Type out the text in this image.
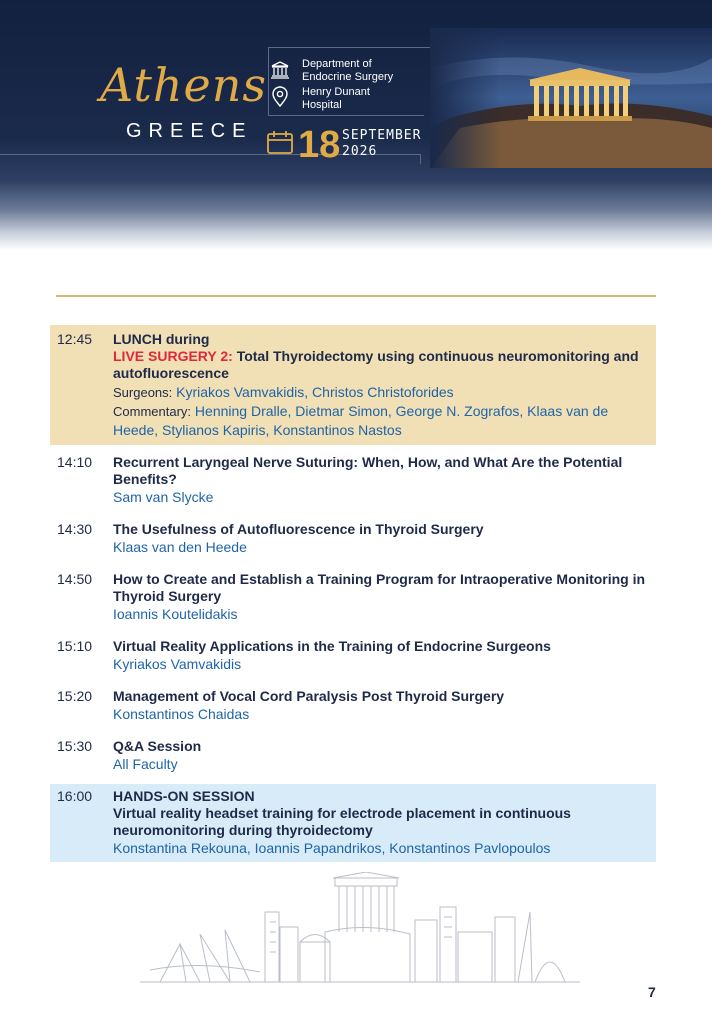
Athens
GREECE
Department of
Endocrine Surgery
Henry Dunant
Hospital
18 SEPTEMBER
2026
12:45 LUNCH during
LIVE SURGERY 2: Total Thyroidectomy using continuous neuromonitoring and autofluorescence
Surgeons: Kyriakos Vamvakidis, Christos Christoforides
Commentary: Henning Dralle, Dietmar Simon, George N. Zografos, Klaas van de Heede, Stylianos Kapiris, Konstantinos Nastos
14:10 Recurrent Laryngeal Nerve Suturing: When, How, and What Are the Potential Benefits?
Sam van Slycke
14:30 The Usefulness of Autofluorescence in Thyroid Surgery
Klaas van den Heede
14:50 How to Create and Establish a Training Program for Intraoperative Monitoring in Thyroid Surgery
Ioannis Koutelidakis
15:10 Virtual Reality Applications in the Training of Endocrine Surgeons
Kyriakos Vamvakidis
15:20 Management of Vocal Cord Paralysis Post Thyroid Surgery
Konstantinos Chaidas
15:30 Q&A Session
All Faculty
16:00 HANDS-ON SESSION
Virtual reality headset training for electrode placement in continuous neuromonitoring during thyroidectomy
Konstantina Rekouna, Ioannis Papandrikos, Konstantinos Pavlopoulos
7
